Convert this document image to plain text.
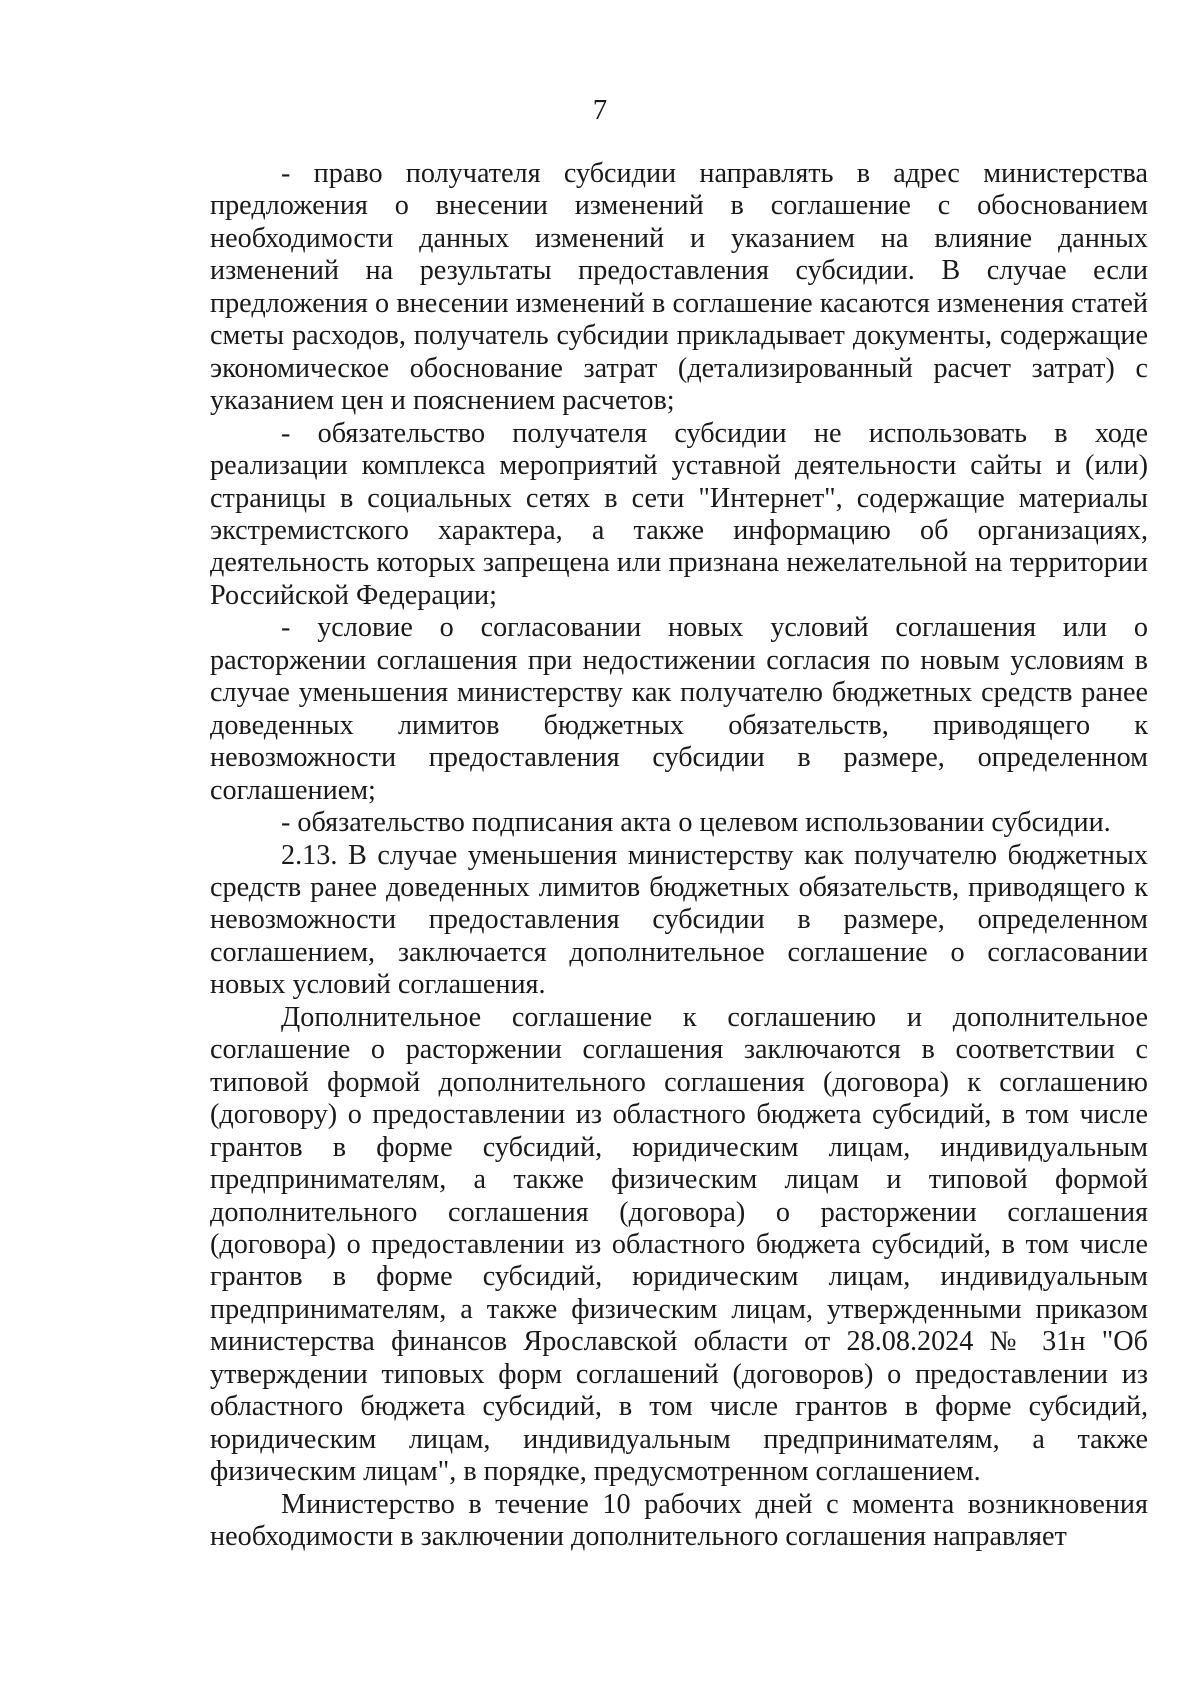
7

- право получателя субсидии направлять в адрес министерства предложения о внесении изменений в соглашение с обоснованием необходимости данных изменений и указанием на влияние данных изменений на результаты предоставления субсидии. В случае если предложения о внесении изменений в соглашение касаются изменения статей сметы расходов, получатель субсидии прикладывает документы, содержащие экономическое обоснование затрат (детализированный расчет затрат) с указанием цен и пояснением расчетов;

- обязательство получателя субсидии не использовать в ходе реализации комплекса мероприятий уставной деятельности сайты и (или) страницы в социальных сетях в сети "Интернет", содержащие материалы экстремистского характера, а также информацию об организациях, деятельность которых запрещена или признана нежелательной на территории Российской Федерации;

- условие о согласовании новых условий соглашения или о расторжении соглашения при недостижении согласия по новым условиям в случае уменьшения министерству как получателю бюджетных средств ранее доведенных лимитов бюджетных обязательств, приводящего к невозможности предоставления субсидии в размере, определенном соглашением;

- обязательство подписания акта о целевом использовании субсидии.

2.13. В случае уменьшения министерству как получателю бюджетных средств ранее доведенных лимитов бюджетных обязательств, приводящего к невозможности предоставления субсидии в размере, определенном соглашением, заключается дополнительное соглашение о согласовании новых условий соглашения.

Дополнительное соглашение к соглашению и дополнительное соглашение о расторжении соглашения заключаются в соответствии с типовой формой дополнительного соглашения (договора) к соглашению (договору) о предоставлении из областного бюджета субсидий, в том числе грантов в форме субсидий, юридическим лицам, индивидуальным предпринимателям, а также физическим лицам и типовой формой дополнительного соглашения (договора) о расторжении соглашения (договора) о предоставлении из областного бюджета субсидий, в том числе грантов в форме субсидий, юридическим лицам, индивидуальным предпринимателям, а также физическим лицам, утвержденными приказом министерства финансов Ярославской области от 28.08.2024 № 31н "Об утверждении типовых форм соглашений (договоров) о предоставлении из областного бюджета субсидий, в том числе грантов в форме субсидий, юридическим лицам, индивидуальным предпринимателям, а также физическим лицам", в порядке, предусмотренном соглашением.

Министерство в течение 10 рабочих дней с момента возникновения необходимости в заключении дополнительного соглашения направляет
